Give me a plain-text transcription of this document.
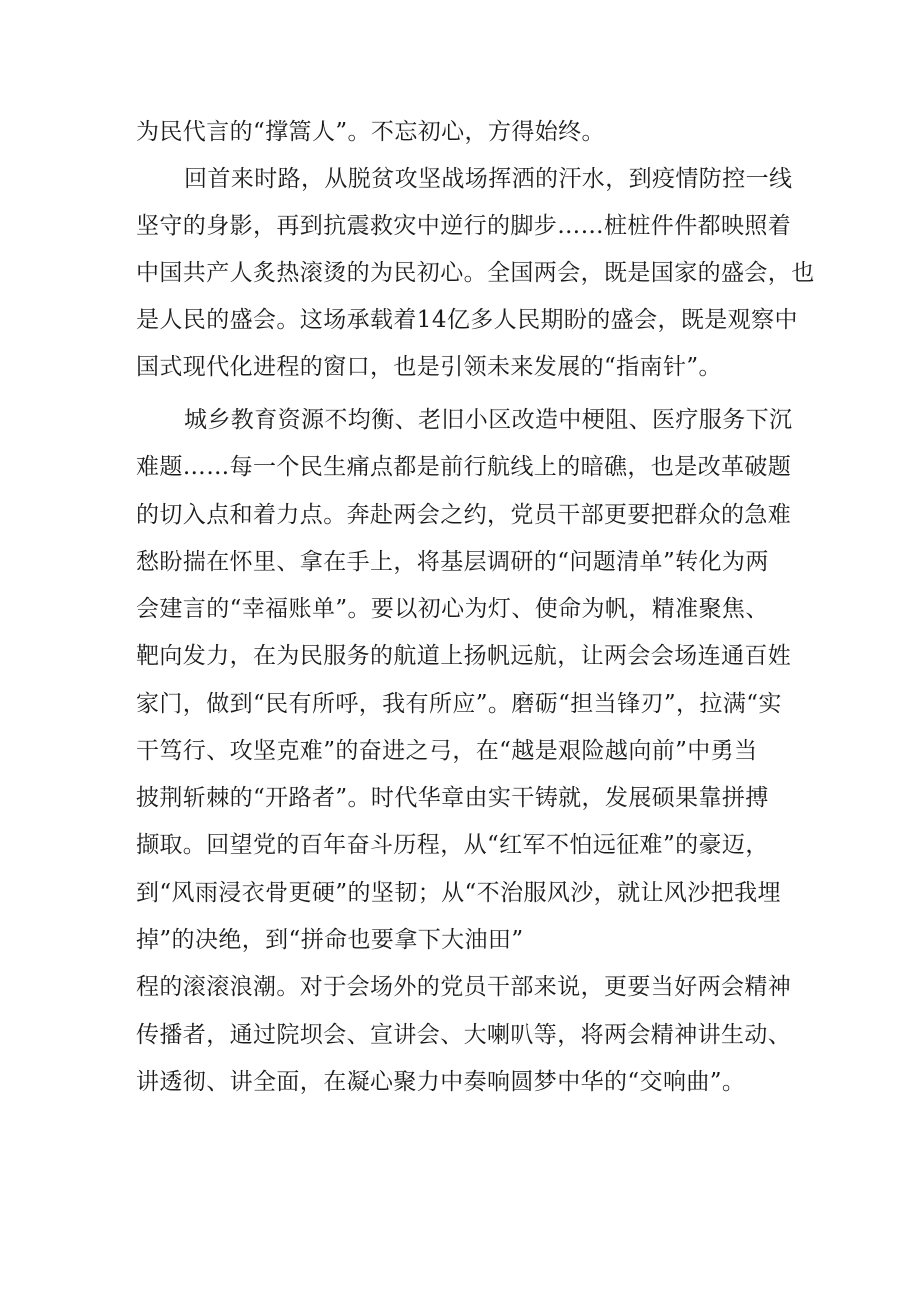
为民代言的“撑篙人”。不忘初心，方得始终。

回首来时路，从脱贫攻坚战场挥洒的汗水，到疫情防控一线

坚守的身影，再到抗震救灾中逆行的脚步……桩桩件件都映照着

中国共产人炙热滚烫的为民初心。全国两会，既是国家的盛会，也

是人民的盛会。这场承载着14亿多人民期盼的盛会，既是观察中

国式现代化进程的窗口，也是引领未来发展的“指南针”。

城乡教育资源不均衡、老旧小区改造中梗阻、医疗服务下沉

难题……每一个民生痛点都是前行航线上的暗礁，也是改革破题

的切入点和着力点。奔赴两会之约，党员干部更要把群众的急难

愁盼揣在怀里、拿在手上，将基层调研的“问题清单”转化为两

会建言的“幸福账单”。要以初心为灯、使命为帆，精准聚焦、

靶向发力，在为民服务的航道上扬帆远航，让两会会场连通百姓

家门，做到“民有所呼，我有所应”。磨砺“担当锋刃”，拉满“实

干笃行、攻坚克难”的奋进之弓，在“越是艰险越向前”中勇当

披荆斩棘的“开路者”。时代华章由实干铸就，发展硕果靠拼搏

撷取。回望党的百年奋斗历程，从“红军不怕远征难”的豪迈，

到“风雨浸衣骨更硬”的坚韧；从“不治服风沙，就让风沙把我埋

掉”的决绝，到“拼命也要拿下大油田”

程的滚滚浪潮。对于会场外的党员干部来说，更要当好两会精神

传播者，通过院坝会、宣讲会、大喇叭等，将两会精神讲生动、

讲透彻、讲全面，在凝心聚力中奏响圆梦中华的“交响曲”。
